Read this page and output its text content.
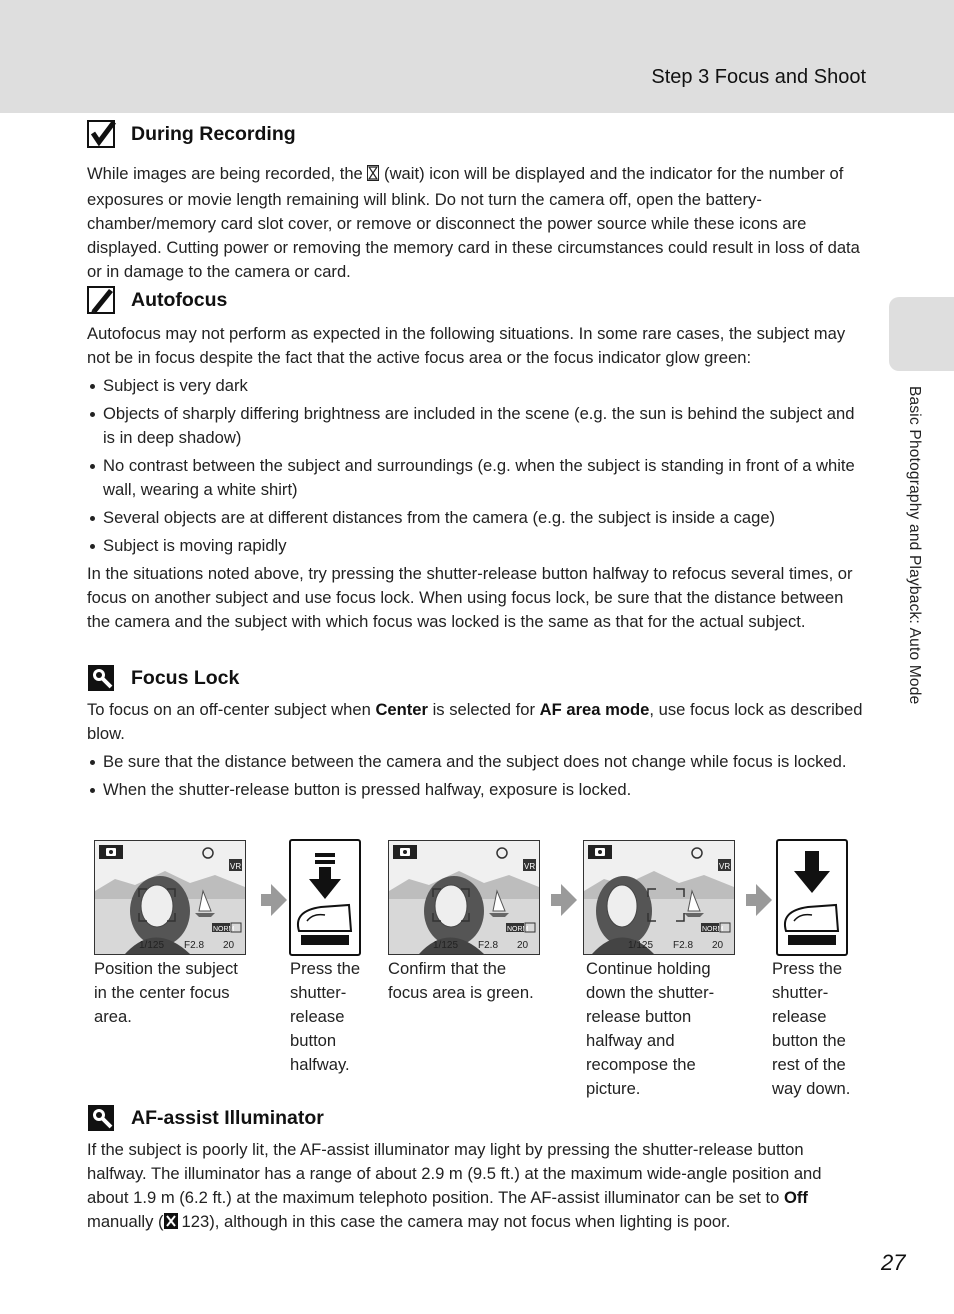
Step 3 Focus and Shoot
Basic Photography and Playback: Auto Mode
During Recording

While images are being recorded, the (wait) icon will be displayed and the indicator for the number of exposures or movie length remaining will blink. Do not turn the camera off, open the battery-chamber/memory card slot cover, or remove or disconnect the power source while these icons are displayed. Cutting power or removing the memory card in these circumstances could result in loss of data or in damage to the camera or card.

Autofocus

Autofocus may not perform as expected in the following situations. In some rare cases, the subject may not be in focus despite the fact that the active focus area or the focus indicator glow green:

Subject is very dark
Objects of sharply differing brightness are included in the scene (e.g. the sun is behind the subject and is in deep shadow)
No contrast between the subject and surroundings (e.g. when the subject is standing in front of a white wall, wearing a white shirt)
Several objects are at different distances from the camera (e.g. the subject is inside a cage)
Subject is moving rapidly

In the situations noted above, try pressing the shutter-release button halfway to refocus several times, or focus on another subject and use focus lock. When using focus lock, be sure that the distance between the camera and the subject with which focus was locked is the same as that for the actual subject.

Focus Lock

To focus on an off-center subject when Center is selected for AF area mode, use focus lock as described blow.

Be sure that the distance between the camera and the subject does not change while focus is locked.
When the shutter-release button is pressed halfway, exposure is locked.
VR
NORM
1/125 F2.8 20
VR
NORM
1/125 F2.8 20
VR
NORM
1/125 F2.8 20
Position the subject in the center focus area.
Press the shutter-release button halfway.
Confirm that the focus area is green.
Continue holding down the shutter-release button halfway and recompose the picture.
Press the shutter-release button the rest of the way down.
AF-assist Illuminator

If the subject is poorly lit, the AF-assist illuminator may light by pressing the shutter-release button halfway. The illuminator has a range of about 2.9 m (9.5 ft.) at the maximum wide-angle position and about 1.9 m (6.2 ft.) at the maximum telephoto position. The AF-assist illuminator can be set to Off manually ( 123), although in this case the camera may not focus when lighting is poor.

27
